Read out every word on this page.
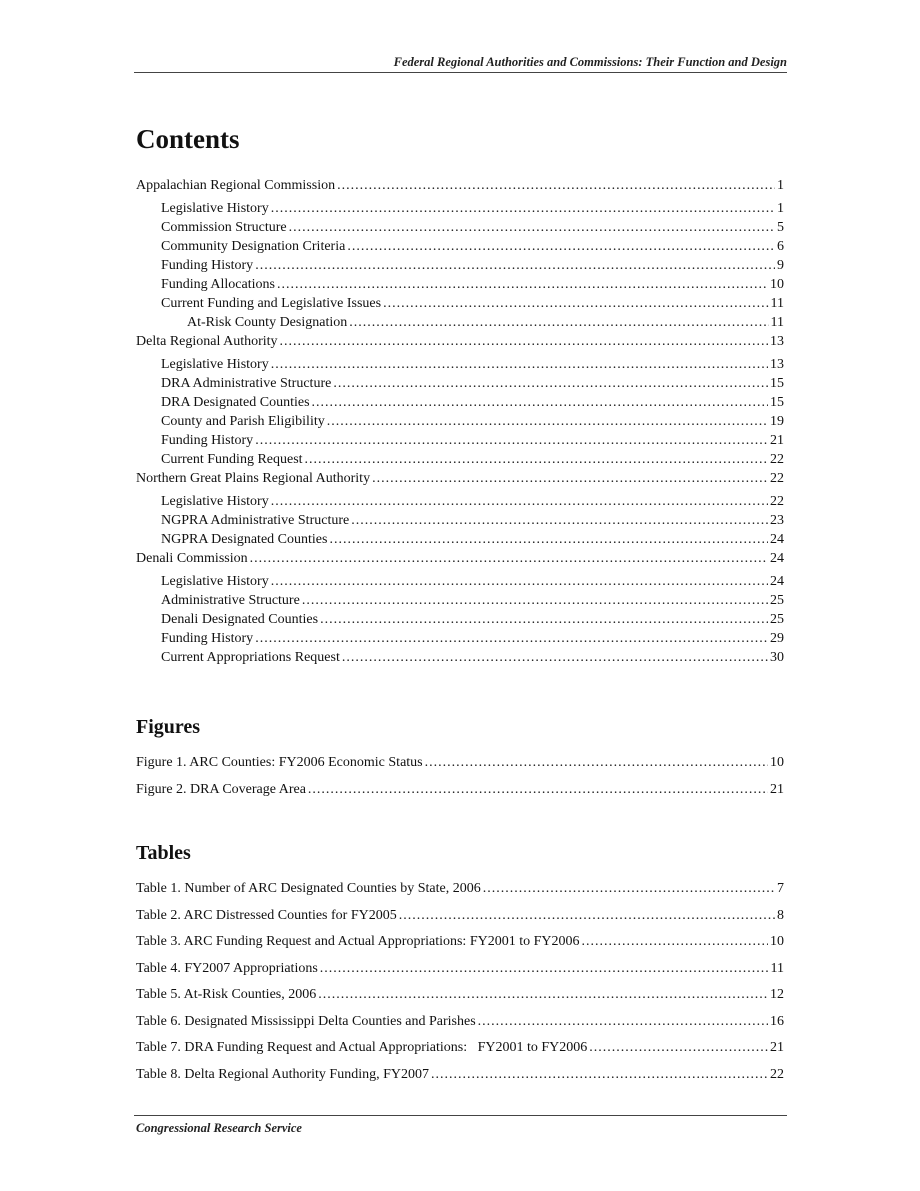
Federal Regional Authorities and Commissions: Their Function and Design
Contents
Appalachian Regional Commission .....	1
Legislative History .....	1
Commission Structure .....	5
Community Designation Criteria .....	6
Funding History .....	9
Funding Allocations .....	10
Current Funding and Legislative Issues .....	11
At-Risk County Designation .....	11
Delta Regional Authority .....	13
Legislative History .....	13
DRA Administrative Structure .....	15
DRA Designated Counties .....	15
County and Parish Eligibility .....	19
Funding History .....	21
Current Funding Request .....	22
Northern Great Plains Regional Authority .....	22
Legislative History .....	22
NGPRA Administrative Structure .....	23
NGPRA Designated Counties .....	24
Denali Commission .....	24
Legislative History .....	24
Administrative Structure .....	25
Denali Designated Counties .....	25
Funding History .....	29
Current Appropriations Request .....	30
Figures
Figure 1. ARC Counties: FY2006 Economic Status .....	10
Figure 2. DRA Coverage Area .....	21
Tables
Table 1. Number of ARC Designated Counties by State, 2006 .....	7
Table 2. ARC Distressed Counties for FY2005 .....	8
Table 3. ARC Funding Request and Actual Appropriations: FY2001 to FY2006 .....	10
Table 4. FY2007 Appropriations .....	11
Table 5. At-Risk Counties, 2006 .....	12
Table 6. Designated Mississippi Delta Counties and Parishes .....	16
Table 7. DRA Funding Request and Actual Appropriations:   FY2001 to FY2006 .....	21
Table 8. Delta Regional Authority Funding, FY2007 .....	22
Congressional Research Service
